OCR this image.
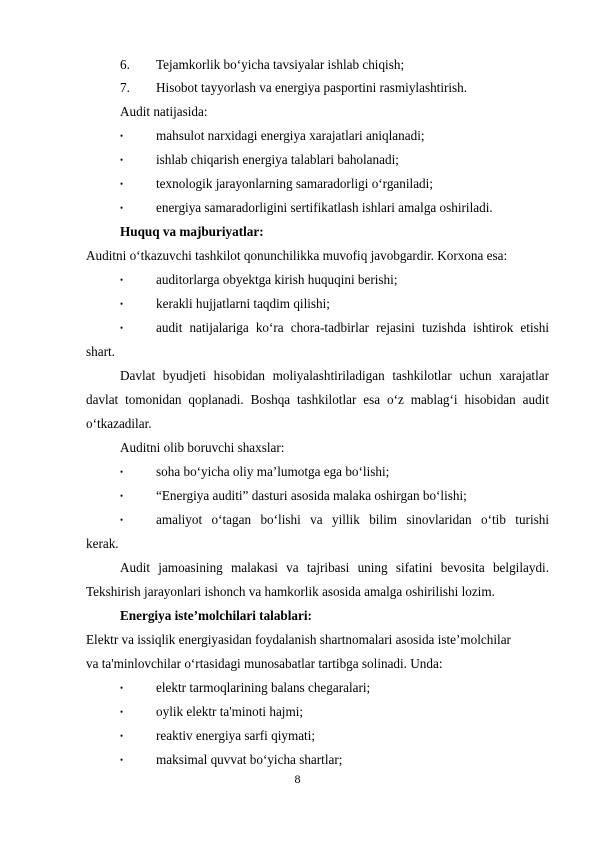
6. Tejamkorlik bo‘yicha tavsiyalar ishlab chiqish;
7. Hisobot tayyorlash va energiya pasportini rasmiylashtirish.
Audit natijasida:
• mahsulot narxidagi energiya xarajatlari aniqlanadi;
• ishlab chiqarish energiya talablari baholanadi;
• texnologik jarayonlarning samaradorligi o‘rganiladi;
• energiya samaradorligini sertifikatlash ishlari amalga oshiriladi.
Huquq va majburiyatlar:
Auditni o‘tkazuvchi tashkilot qonunchilikka muvofiq javobgardir. Korxona esa:
• auditorlarga obyektga kirish huquqini berishi;
• kerakli hujjatlarni taqdim qilishi;
• audit natijalariga ko‘ra chora-tadbirlar rejasini tuzishda ishtirok etishi
shart.
Davlat byudjeti hisobidan moliyalashtiriladigan tashkilotlar uchun xarajatlar
davlat tomonidan qoplanadi. Boshqa tashkilotlar esa o‘z mablag‘i hisobidan audit
o‘tkazadilar.
Auditni olib boruvchi shaxslar:
• soha bo‘yicha oliy ma’lumotga ega bo‘lishi;
• “Energiya auditi” dasturi asosida malaka oshirgan bo‘lishi;
• amaliyot o‘tagan bo‘lishi va yillik bilim sinovlaridan o‘tib turishi
kerak.
Audit jamoasining malakasi va tajribasi uning sifatini bevosita belgilaydi.
Tekshirish jarayonlari ishonch va hamkorlik asosida amalga oshirilishi lozim.
Energiya iste’molchilari talablari:
Elektr va issiqlik energiyasidan foydalanish shartnomalari asosida iste’molchilar
va ta'minlovchilar o‘rtasidagi munosabatlar tartibga solinadi. Unda:
• elektr tarmoqlarining balans chegaralari;
• oylik elektr ta'minoti hajmi;
• reaktiv energiya sarfi qiymati;
• maksimal quvvat bo‘yicha shartlar;
8
